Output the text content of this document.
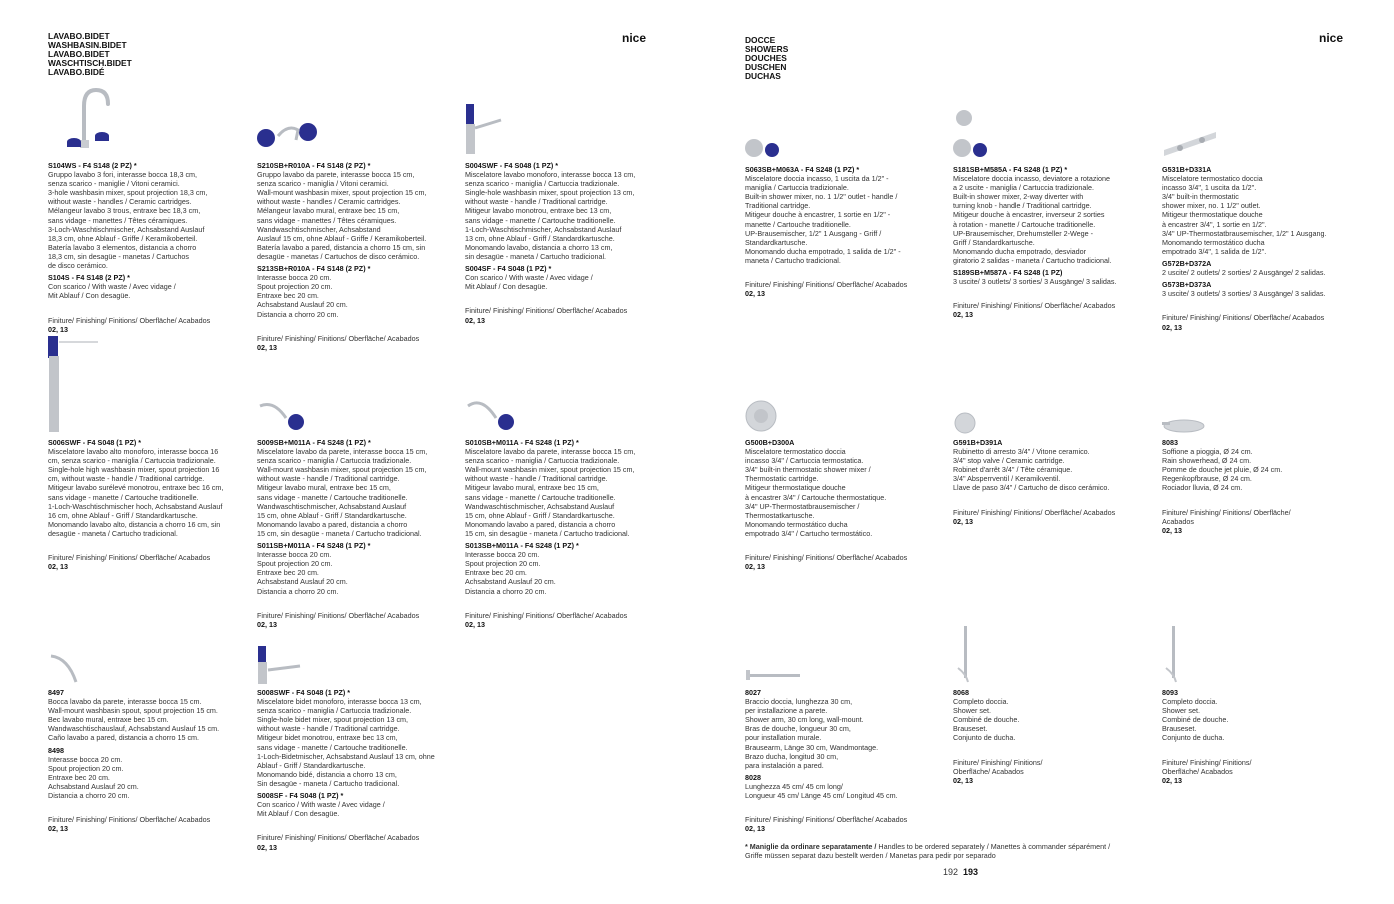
LAVABO.BIDET
WASHBASIN.BIDET
LAVABO.BIDET
WASCHTISCH.BIDET
LAVABO.BIDÉ
nice	DOCCE
SHOWERS
DOUCHES
DUSCHEN
DUCHAS
nice
S104WS - F4 S148 (2 PZ) *
Gruppo lavabo 3 fori, interasse bocca 18,3 cm,
senza scarico - maniglie / Vitoni ceramici.
3-hole washbasin mixer, spout projection 18,3 cm,
without waste - handles / Ceramic cartridges.
Mélangeur lavabo 3 trous, entraxe bec 18,3 cm,
sans vidage - manettes / Têtes céramiques.
3-Loch-Waschtischmischer, Achsabstand Auslauf
18,3 cm, ohne Ablauf - Griffe / Keramikoberteil.
Batería lavabo 3 elementos, distancia a chorro
18,3 cm, sin desagüe - manetas / Cartuchos
de disco cerámico.
S104S - F4 S148 (2 PZ) *
Con scarico / With waste / Avec vidage /
Mit Ablauf / Con desagüe.

Finiture/ Finishing/ Finitions/ Oberfläche/ Acabados

02, 13

S210SB+R010A - F4 S148 (2 PZ) *
Gruppo lavabo da parete, interasse bocca 15 cm,
senza scarico - maniglia / Vitoni ceramici.
Wall-mount washbasin mixer, spout projection 15 cm,
without waste - handles / Ceramic cartridges.
Mélangeur lavabo mural, entraxe bec 15 cm,
sans vidage - manettes / Têtes céramiques.
Wandwaschtischmischer, Achsabstand
Auslauf 15 cm, ohne Ablauf - Griffe / Keramikoberteil.
Batería lavabo a pared, distancia a chorro 15 cm, sin
desagüe - manetas / Cartuchos de disco cerámico.
S213SB+R010A - F4 S148 (2 PZ) *
Interasse bocca 20 cm.
Spout projection 20 cm.
Entraxe bec 20 cm.
Achsabstand Auslauf 20 cm.
Distancia a chorro 20 cm.

Finiture/ Finishing/ Finitions/ Oberfläche/ Acabados

02, 13

S004SWF - F4 S048 (1 PZ) *
Miscelatore lavabo monoforo, interasse bocca 13 cm,
senza scarico - maniglia / Cartuccia tradizionale.
Single-hole washbasin mixer, spout projection 13 cm,
without waste - handle / Traditional cartridge.
Mitigeur lavabo monotrou, entraxe bec 13 cm,
sans vidage - manette / Cartouche traditionelle.
1-Loch-Waschtischmischer, Achsabstand Auslauf
13 cm, ohne Ablauf - Griff / Standardkartusche.
Monomando lavabo, distancia a chorro 13 cm,
sin desagüe - maneta / Cartucho tradicional.
S004SF - F4 S048 (1 PZ) *
Con scarico / With waste / Avec vidage /
Mit Ablauf / Con desagüe.

Finiture/ Finishing/ Finitions/ Oberfläche/ Acabados

02, 13

S006SWF - F4 S048 (1 PZ) *
Miscelatore lavabo alto monoforo, interasse bocca 16
cm, senza scarico - maniglia / Cartuccia tradizionale.
Single-hole high washbasin mixer, spout projection 16
cm, without waste - handle / Traditional cartridge.
Mitigeur lavabo surélevé monotrou, entraxe bec 16 cm,
sans vidage - manette / Cartouche traditionelle.
1-Loch-Waschtischmischer hoch, Achsabstand Auslauf
16 cm, ohne Ablauf - Griff / Standardkartusche.
Monomando lavabo alto, distancia a chorro 16 cm, sin
desagüe - maneta / Cartucho tradicional.

Finiture/ Finishing/ Finitions/ Oberfläche/ Acabados

02, 13

S009SB+M011A - F4 S248 (1 PZ) *
Miscelatore lavabo da parete, interasse bocca 15 cm,
senza scarico - maniglia / Cartuccia tradizionale.
Wall-mount washbasin mixer, spout projection 15 cm,
without waste - handle / Traditional cartridge.
Mitigeur lavabo mural, entraxe bec 15 cm,
sans vidage - manette / Cartouche traditionelle.
Wandwaschtischmischer, Achsabstand Auslauf
15 cm, ohne Ablauf - Griff / Standardkartusche.
Monomando lavabo a pared, distancia a chorro
15 cm, sin desagüe - maneta / Cartucho tradicional.
S011SB+M011A - F4 S248 (1 PZ) *
Interasse bocca 20 cm.
Spout projection 20 cm.
Entraxe bec 20 cm.
Achsabstand Auslauf 20 cm.
Distancia a chorro 20 cm.

Finiture/ Finishing/ Finitions/ Oberfläche/ Acabados

02, 13

S010SB+M011A - F4 S248 (1 PZ) *
Miscelatore lavabo da parete, interasse bocca 15 cm,
senza scarico - maniglia / Cartuccia tradizionale.
Wall-mount washbasin mixer, spout projection 15 cm,
without waste - handle / Traditional cartridge.
Mitigeur lavabo mural, entraxe bec 15 cm,
sans vidage - manette / Cartouche traditionelle.
Wandwaschtischmischer, Achsabstand Auslauf
15 cm, ohne Ablauf - Griff / Standardkartusche.
Monomando lavabo a pared, distancia a chorro
15 cm, sin desagüe - maneta / Cartucho tradicional.
S013SB+M011A - F4 S248 (1 PZ) *
Interasse bocca 20 cm.
Spout projection 20 cm.
Entraxe bec 20 cm.
Achsabstand Auslauf 20 cm.
Distancia a chorro 20 cm.

Finiture/ Finishing/ Finitions/ Oberfläche/ Acabados

02, 13

8497
Bocca lavabo da parete, interasse bocca 15 cm.
Wall-mount washbasin spout, spout projection 15 cm.
Bec lavabo mural, entraxe bec 15 cm.
Wandwaschtischauslauf, Achsabstand Auslauf 15 cm.
Caño lavabo a pared, distancia a chorro 15 cm.
8498
Interasse bocca 20 cm.
Spout projection 20 cm.
Entraxe bec 20 cm.
Achsabstand Auslauf 20 cm.
Distancia a chorro 20 cm.

Finiture/ Finishing/ Finitions/ Oberfläche/ Acabados

02, 13

S008SWF - F4 S048 (1 PZ) *
Miscelatore bidet monoforo, interasse bocca 13 cm,
senza scarico - maniglia / Cartuccia tradizionale.
Single-hole bidet mixer, spout projection 13 cm,
without waste - handle / Traditional cartridge.
Mitigeur bidet monotrou, entraxe bec 13 cm,
sans vidage - manette / Cartouche traditionelle.
1-Loch-Bidetmischer, Achsabstand Auslauf 13 cm, ohne
Ablauf - Griff / Standardkartusche.
Monomando bidé, distancia a chorro 13 cm,
Sin desagüe - maneta / Cartucho tradicional.
S008SF - F4 S048 (1 PZ) *
Con scarico / With waste / Avec vidage /
Mit Ablauf / Con desagüe.

Finiture/ Finishing/ Finitions/ Oberfläche/ Acabados

02, 13

S063SB+M063A - F4 S248 (1 PZ) *
Miscelatore doccia incasso, 1 uscita da 1/2" -
maniglia / Cartuccia tradizionale.
Built-in shower mixer, no. 1 1/2" outlet - handle /
Traditional cartridge.
Mitigeur douche à encastrer, 1 sortie en 1/2" -
manette / Cartouche traditionelle.
UP-Brausemischer, 1/2" 1 Ausgang - Griff /
Standardkartusche.
Monomando ducha empotrado, 1 salida de 1/2" -
maneta / Cartucho tradicional.

Finiture/ Finishing/ Finitions/ Oberfläche/ Acabados

02, 13

S181SB+M585A - F4 S248 (1 PZ) *
Miscelatore doccia incasso, deviatore a rotazione
a 2 uscite - maniglia / Cartuccia tradizionale.
Built-in shower mixer, 2-way diverter with
turning knob - handle / Traditional cartridge.
Mitigeur douche à encastrer, inverseur 2 sorties
à rotation - manette / Cartouche traditionelle.
UP-Brausemischer, Drehumsteller 2-Wege -
Griff / Standardkartusche.
Monomando ducha empotrado, desviador
giratorio 2 salidas - maneta / Cartucho tradicional.
S189SB+M587A - F4 S248 (1 PZ)
3 uscite/ 3 outlets/ 3 sorties/ 3 Ausgänge/ 3 salidas.

Finiture/ Finishing/ Finitions/ Oberfläche/ Acabados

02, 13

G531B+D331A
Miscelatore termostatico doccia
incasso 3/4", 1 uscita da 1/2".
3/4" built-in thermostatic
shower mixer, no. 1 1/2" outlet.
Mitigeur thermostatique douche
à encastrer 3/4", 1 sortie en 1/2".
3/4" UP-Thermostatbrausemischer, 1/2" 1 Ausgang.
Monomando termostático ducha
empotrado 3/4", 1 salida de 1/2".
G572B+D372A
2 uscite/ 2 outlets/ 2 sorties/ 2 Ausgänge/ 2 salidas.
G573B+D373A
3 uscite/ 3 outlets/ 3 sorties/ 3 Ausgänge/ 3 salidas.

Finiture/ Finishing/ Finitions/ Oberfläche/ Acabados

02, 13

G500B+D300A
Miscelatore termostatico doccia
incasso 3/4" / Cartuccia termostatica.
3/4" built-in thermostatic shower mixer /
Thermostatic cartridge.
Mitigeur thermostatique douche
à encastrer 3/4" / Cartouche thermostatique.
3/4" UP-Thermostatbrausemischer /
Thermostatkartusche.
Monomando termostático ducha
empotrado 3/4" / Cartucho termostático.

Finiture/ Finishing/ Finitions/ Oberfläche/ Acabados

02, 13

G591B+D391A
Rubinetto di arresto 3/4" / Vitone ceramico.
3/4" stop valve / Ceramic cartridge.
Robinet d'arrêt 3/4" / Tête céramique.
3/4" Absperrventil / Keramikventil.
Llave de paso 3/4" / Cartucho de disco cerámico.

Finiture/ Finishing/ Finitions/ Oberfläche/ Acabados

02, 13

8083
Soffione a pioggia, Ø 24 cm.
Rain showerhead, Ø 24 cm.
Pomme de douche jet pluie, Ø 24 cm.
Regenkopfbrause, Ø 24 cm.
Rociador lluvia, Ø 24 cm.

Finiture/ Finishing/ Finitions/ Oberfläche/
Acabados

02, 13

8027
Braccio doccia, lunghezza 30 cm,
per installazione a parete.
Shower arm, 30 cm long, wall-mount.
Bras de douche, longueur 30 cm,
pour installation murale.
Brausearm, Länge 30 cm, Wandmontage.
Brazo ducha, longitud 30 cm,
para instalación a pared.
8028
Lunghezza 45 cm/ 45 cm long/
Longueur 45 cm/ Länge 45 cm/ Longitud 45 cm.

Finiture/ Finishing/ Finitions/ Oberfläche/ Acabados

02, 13

8068
Completo doccia.
Shower set.
Combiné de douche.
Brauseset.
Conjunto de ducha.

Finiture/ Finishing/ Finitions/
Oberfläche/ Acabados

02, 13

8093
Completo doccia.
Shower set.
Combiné de douche.
Brauseset.
Conjunto de ducha.

Finiture/ Finishing/ Finitions/
Oberfläche/ Acabados

02, 13

* Maniglie da ordinare separatamente / Handles to be ordered separately / Manettes à commander séparément /
Griffe müssen separat dazu bestellt werden / Manetas para pedir por separado
192 193
